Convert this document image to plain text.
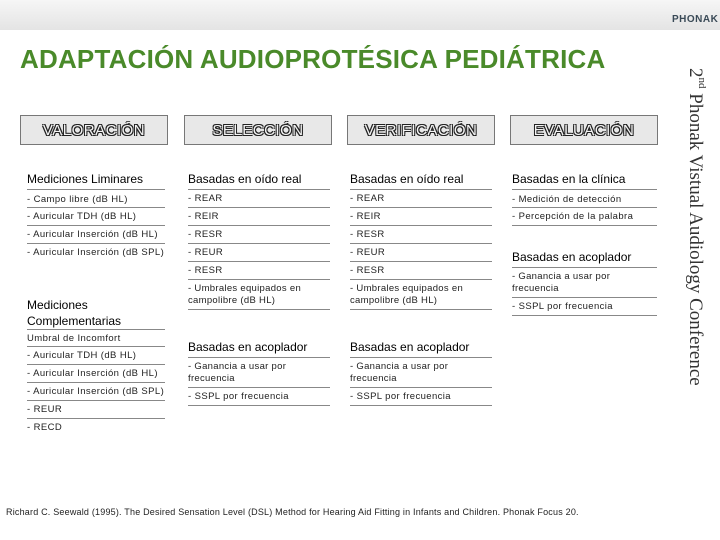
PHONAK
ADAPTACIÓN AUDIOPROTÉSICA PEDIÁTRICA	2nd Phonak Vistual Audiology Conference
VALORACIÓN	SELECCIÓN	VERIFICACIÓN	EVALUACIÓN
Mediciones Liminares
- Campo libre (dB HL)
- Auricular TDH (dB HL)
- Auricular Inserción (dB HL)
- Auricular Inserción (dB SPL)
Mediciones Complementarias
Umbral de Incomfort
- Auricular TDH (dB HL)
- Auricular Inserción (dB HL)
- Auricular Inserción (dB SPL)
- REUR
- RECD
Basadas en oído real
- REAR
- REIR
- RESR
- REUR
- RESR
- Umbrales equipados en campolibre (dB HL)
Basadas en acoplador
- Ganancia a usar por frecuencia
- SSPL por frecuencia
Basadas en oído real
- REAR
- REIR
- RESR
- REUR
- RESR
- Umbrales equipados en campolibre (dB HL)
Basadas en acoplador
- Ganancia a usar por frecuencia
- SSPL por frecuencia
Basadas en la clínica
- Medición de detección
- Percepción de la palabra
Basadas en acoplador
- Ganancia a usar por frecuencia
- SSPL por frecuencia
Richard C. Seewald (1995). The Desired Sensation Level (DSL) Method for Hearing Aid Fitting in Infants and Children. Phonak Focus 20.
